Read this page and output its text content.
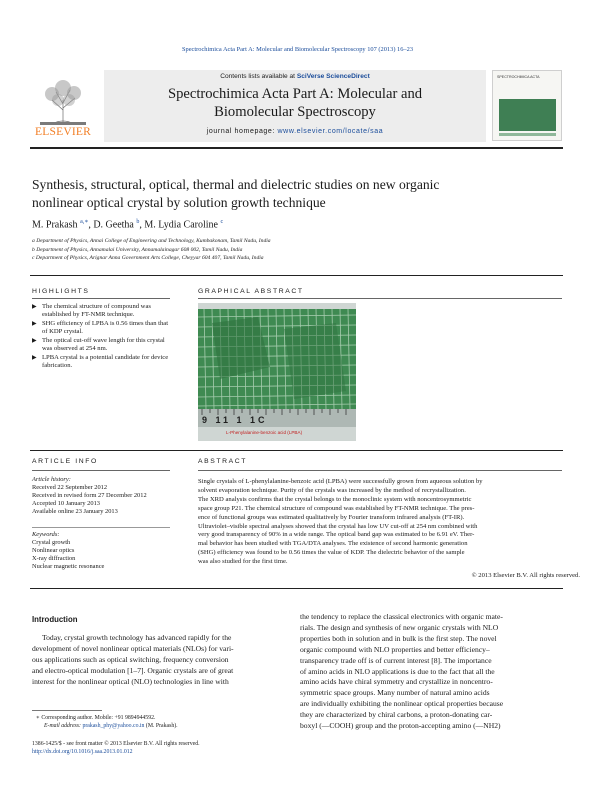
Spectrochimica Acta Part A: Molecular and Biomolecular Spectroscopy 107 (2013) 16–23
ELSEVIER
Contents lists available at SciVerse ScienceDirect
Spectrochimica Acta Part A: Molecular and
Biomolecular Spectroscopy
journal homepage: www.elsevier.com/locate/saa
SPECTROCHIMICA ACTA
Synthesis, structural, optical, thermal and dielectric studies on new organic
nonlinear optical crystal by solution growth technique
M. Prakash $^{a,∗}$, D. Geetha $^b$, M. Lydia Caroline $^c$
a Department of Physics, Annai College of Engineering and Technology, Kumbakonam, Tamil Nadu, India
b Department of Physics, Annamalai University, Annamalainagar 608 002, Tamil Nadu, India
c Department of Physics, Arignar Anna Government Arts College, Cheyyar 604 407, Tamil Nadu, India
HIGHLIGHTS
▶ The chemical structure of compound was established by FT-NMR technique.
▶ SHG efficiency of LPBA is 0.56 times than that of KDP crystal.
▶ The optical cut-off wave length for this crystal was observed at 254 nm.
▶ LPBA crystal is a potential candidate for device fabrication.
GRAPHICAL ABSTRACT
9 11 1 1C
L-Phenylalanine-benzoic acid (LPBA)
ARTICLE INFO
Article history:
Received 22 September 2012
Received in revised form 27 December 2012
Accepted 10 January 2013
Available online 23 January 2013
Keywords:
Crystal growth
Nonlinear optics
X-ray diffraction
Nuclear magnetic resonance
ABSTRACT
Single crystals of L-phenylalanine-benzoic acid (LPBA) were successfully grown from aqueous solution by
solvent evaporation technique. Purity of the crystals was increased by the method of recrystallization.
The XRD analysis confirms that the crystal belongs to the monoclinic system with noncentrosymmetric
space group P21. The chemical structure of compound was established by FT-NMR technique. The pres-
ence of functional groups was estimated qualitatively by Fourier transform infrared analysis (FT-IR).
Ultraviolet–visible spectral analyses showed that the crystal has low UV cut-off at 254 nm combined with
very good transparency of 90% in a wide range. The optical band gap was estimated to be 6.91 eV. Ther-
mal behavior has been studied with TGA/DTA analyses. The existence of second harmonic generation
(SHG) efficiency was found to be 0.56 times the value of KDP. The dielectric behavior of the sample
was also studied for the first time.
© 2013 Elsevier B.V. All rights reserved.
Introduction
Today, crystal growth technology has advanced rapidly for the
development of novel nonlinear optical materials (NLOs) for vari-
ous applications such as optical switching, frequency conversion
and electro-optical modulation [1–7]. Organic crystals are of great
interest for the nonlinear optical (NLO) technologies in line with
the tendency to replace the classical electronics with organic mate-
rials. The design and synthesis of new organic crystals with NLO
properties both in solution and in bulk is the first step. The novel
organic compound with NLO properties and better efficiency–
transparency trade off is of current interest [8]. The importance
of amino acids in NLO applications is due to the fact that all the
amino acids have chiral symmetry and crystallize in noncentro-
symmetric space groups. Many number of natural amino acids
are individually exhibiting the nonlinear optical properties because
they are characterized by chiral carbons, a proton-donating car-
boxyl (—COOH) group and the proton-accepting amino (—NH2)
∗ Corresponding author. Mobile: +91 9894944592.
E-mail address: prakash_phy@yahoo.co.in (M. Prakash).
1386-1425/$ - see front matter © 2013 Elsevier B.V. All rights reserved.
http://dx.doi.org/10.1016/j.saa.2013.01.012
